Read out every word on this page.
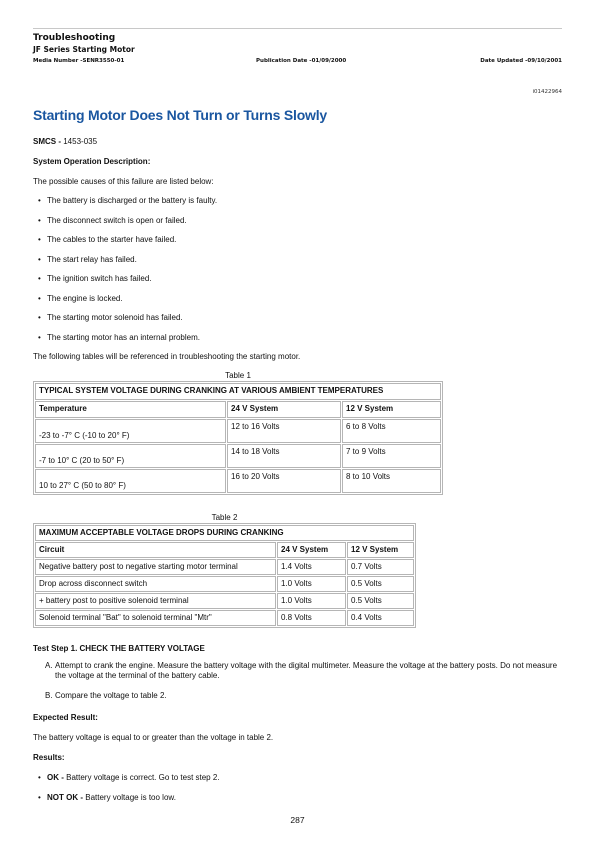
Troubleshooting
JF Series Starting Motor
Media Number -SENR3550-01	Publication Date -01/09/2000	Date Updated -09/10/2001
i01422964
Starting Motor Does Not Turn or Turns Slowly
SMCS - 1453-035
System Operation Description:
The possible causes of this failure are listed below:
• The battery is discharged or the battery is faulty.
• The disconnect switch is open or failed.
• The cables to the starter have failed.
• The start relay has failed.
• The ignition switch has failed.
• The engine is locked.
• The starting motor solenoid has failed.
• The starting motor has an internal problem.
The following tables will be referenced in troubleshooting the starting motor.
Table 1
TYPICAL SYSTEM VOLTAGE DURING CRANKING AT VARIOUS AMBIENT TEMPERATURES		
Temperature	24 V System	12 V System
-23 to -7° C (-10 to 20° F)	12 to 16 Volts	6 to 8 Volts
-7 to 10° C (20 to 50° F)	14 to 18 Volts	7 to 9 Volts
10 to 27° C (50 to 80° F)	16 to 20 Volts	8 to 10 Volts
Table 2
MAXIMUM ACCEPTABLE VOLTAGE DROPS DURING CRANKING		
Circuit	24 V System	12 V System
Negative battery post to negative starting motor terminal	1.4 Volts	0.7 Volts
Drop across disconnect switch	1.0 Volts	0.5 Volts
+ battery post to positive solenoid terminal	1.0 Volts	0.5 Volts
Solenoid terminal "Bat" to solenoid terminal "Mtr"	0.8 Volts	0.4 Volts
Test Step 1. CHECK THE BATTERY VOLTAGE
A. Attempt to crank the engine. Measure the battery voltage with the digital multimeter. Measure the voltage at the battery posts. Do not measure the voltage at the terminal of the battery cable.
B. Compare the voltage to table 2.
Expected Result:
The battery voltage is equal to or greater than the voltage in table 2.
Results:
• OK - Battery voltage is correct. Go to test step 2.
• NOT OK - Battery voltage is too low.
287
